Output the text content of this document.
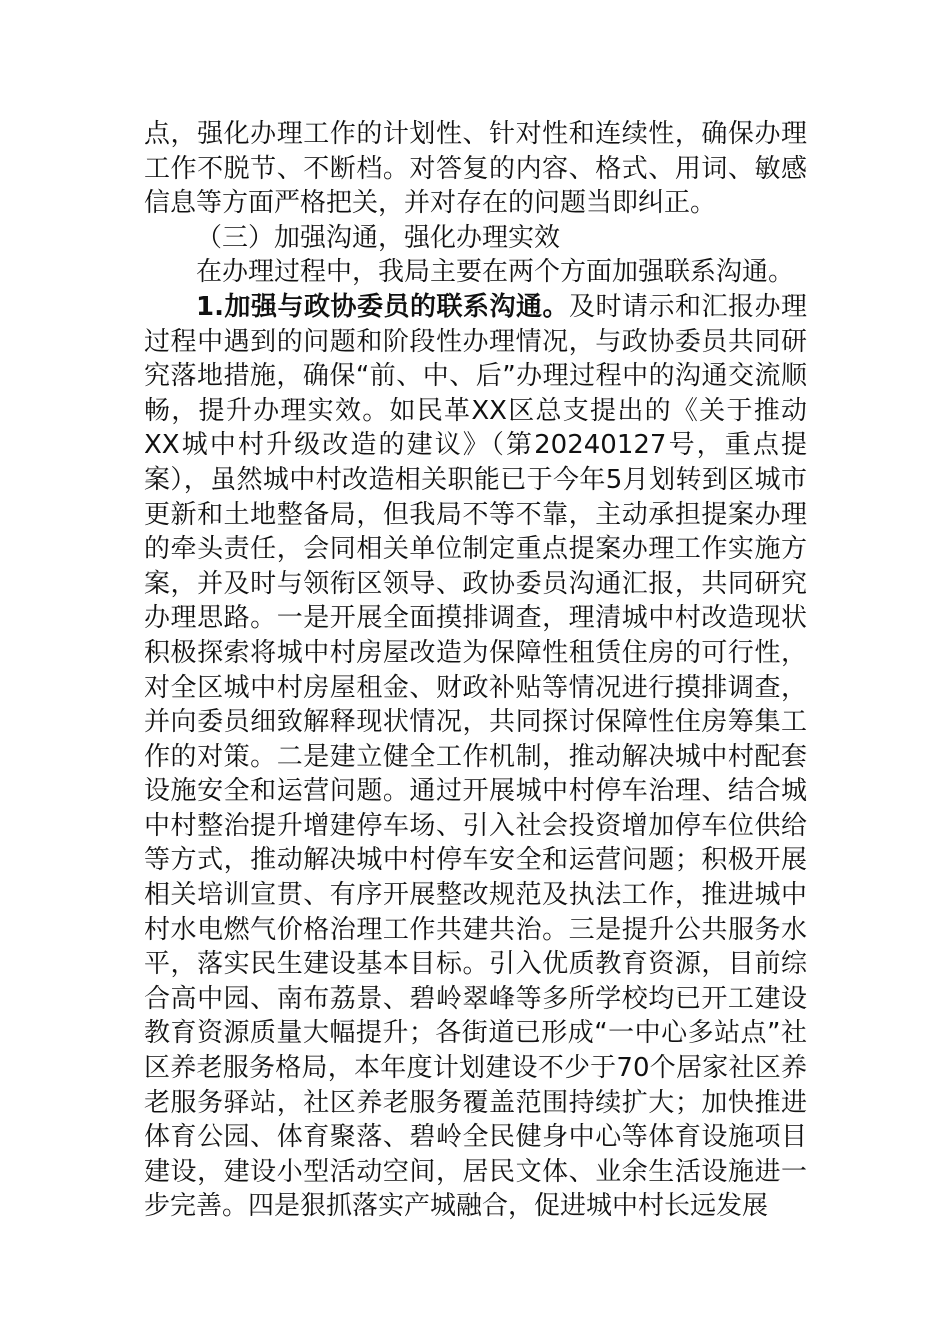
点，强化办理工作的计划性、针对性和连续性，确保办理工作不脱节、不断档。对答复的内容、格式、用词、敏感信息等方面严格把关，并对存在的问题当即纠正。

（三）加强沟通，强化办理实效

在办理过程中，我局主要在两个方面加强联系沟通。

1.加强与政协委员的联系沟通。及时请示和汇报办理过程中遇到的问题和阶段性办理情况，与政协委员共同研究落地措施，确保“前、中、后”办理过程中的沟通交流顺畅，提升办理实效。如民革XX区总支提出的《关于推动XX城中村升级改造的建议》（第20240127号，重点提案），虽然城中村改造相关职能已于今年5月划转到区城市更新和土地整备局，但我局不等不靠，主动承担提案办理的牵头责任，会同相关单位制定重点提案办理工作实施方案，并及时与领衔区领导、政协委员沟通汇报，共同研究办理思路。一是开展全面摸排调查，理清城中村改造现状积极探索将城中村房屋改造为保障性租赁住房的可行性，对全区城中村房屋租金、财政补贴等情况进行摸排调查，并向委员细致解释现状情况，共同探讨保障性住房筹集工作的对策。二是建立健全工作机制，推动解决城中村配套设施安全和运营问题。通过开展城中村停车治理、结合城中村整治提升增建停车场、引入社会投资增加停车位供给等方式，推动解决城中村停车安全和运营问题；积极开展相关培训宣贯、有序开展整改规范及执法工作，推进城中村水电燃气价格治理工作共建共治。三是提升公共服务水平，落实民生建设基本目标。引入优质教育资源，目前综合高中园、南布荔景、碧岭翠峰等多所学校均已开工建设教育资源质量大幅提升；各街道已形成“一中心多站点”社区养老服务格局，本年度计划建设不少于70个居家社区养老服务驿站，社区养老服务覆盖范围持续扩大；加快推进体育公园、体育聚落、碧岭全民健身中心等体育设施项目建设，建设小型活动空间，居民文体、业余生活设施进一步完善。四是狠抓落实产城融合，促进城中村长远发展
